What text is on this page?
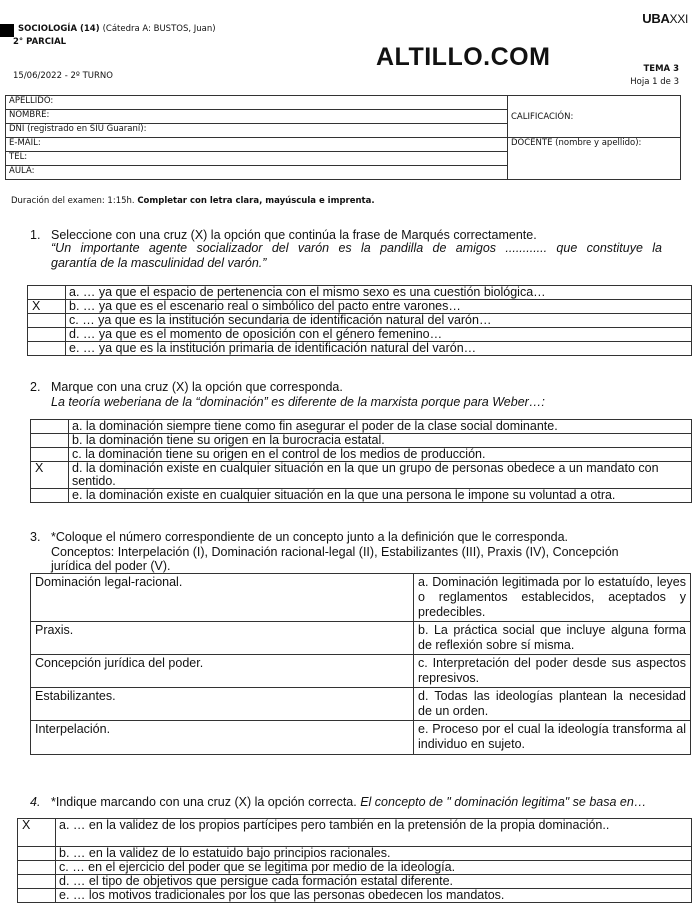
SOCIOLOGÍA (14) (Cátedra A: BUSTOS, Juan)
2° PARCIAL
15/06/2022 - 2º TURNO
UBAXXI
ALTILLO.COM	TEMA 3
Hoja 1 de 3
APELLIDO:	CALIFICACIÓN:
NOMBRE:	
DNI (registrado en SIU Guaraní):	
E-MAIL:	DOCENTE (nombre y apellido):
TEL:	
AULA:	
Duración del examen: 1:15h. Completar con letra clara, mayúscula e imprenta.
1. Seleccione con una cruz (X) la opción que continúa la frase de Marqués correctamente.
“Un importante agente socializador del varón es la pandilla de amigos ............ que constituye la
garantía de la masculinidad del varón.”
	a. … ya que el espacio de pertenencia con el mismo sexo es una cuestión biológica…
X	b. … ya que es el escenario real o simbólico del pacto entre varones…
	c. … ya que es la institución secundaria de identificación natural del varón…
	d. … ya que es el momento de oposición con el género femenino…
	e. … ya que es la institución primaria de identificación natural del varón…
2. Marque con una cruz (X) la opción que corresponda.
La teoría weberiana de la “dominación” es diferente de la marxista porque para Weber…:
	a. la dominación siempre tiene como fin asegurar el poder de la clase social dominante.
	b. la dominación tiene su origen en la burocracia estatal.
	c. la dominación tiene su origen en el control de los medios de producción.
X	d. la dominación existe en cualquier situación en la que un grupo de personas obedece a un mandato con sentido.
	e. la dominación existe en cualquier situación en la que una persona le impone su voluntad a otra.
3. *Coloque el número correspondiente de un concepto junto a la definición que le corresponda.
Conceptos: Interpelación (I), Dominación racional-legal (II), Estabilizantes (III), Praxis (IV), Concepción
jurídica del poder (V).
Dominación legal-racional.	a. Dominación legitimada por lo estatuído, leyes o reglamentos establecidos, aceptados y predecibles.
Praxis.	b. La práctica social que incluye alguna forma de reflexión sobre sí misma.
Concepción jurídica del poder.	c. Interpretación del poder desde sus aspectos represivos.
Estabilizantes.	d. Todas las ideologías plantean la necesidad de un orden.
Interpelación.	e. Proceso por el cual la ideología transforma al individuo en sujeto.
4. *Indique marcando con una cruz (X) la opción correcta. El concepto de " dominación legitima" se basa en…
X	a. … en la validez de los propios partícipes pero también en la pretensión de la propia dominación..
	b. … en la validez de lo estatuido bajo principios racionales.
	c. … en el ejercicio del poder que se legitima por medio de la ideología.
	d. … el tipo de objetivos que persigue cada formación estatal diferente.
	e. … los motivos tradicionales por los que las personas obedecen los mandatos.
